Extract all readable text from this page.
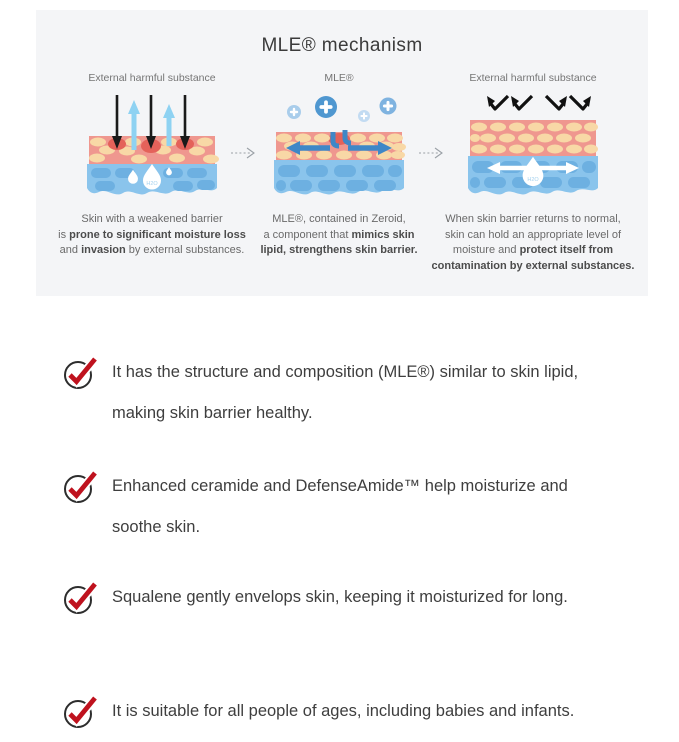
MLE® mechanism
External harmful substance
H2O

Skin with a weakened barrier
is prone to significant moisture loss
and invasion by external substances.

MLE®

MLE®, contained in Zeroid,
a component that mimics skin
lipid, strengthens skin barrier.

External harmful substance
H2O

When skin barrier returns to normal,
skin can hold an appropriate level of
moisture and protect itself from
contamination by external substances.

It has the structure and composition (MLE®) similar to skin lipid,
making skin barrier healthy.
Enhanced ceramide and DefenseAmide™ help moisturize and
soothe skin.
Squalene gently envelops skin, keeping it moisturized for long.
It is suitable for all people of ages, including babies and infants.
